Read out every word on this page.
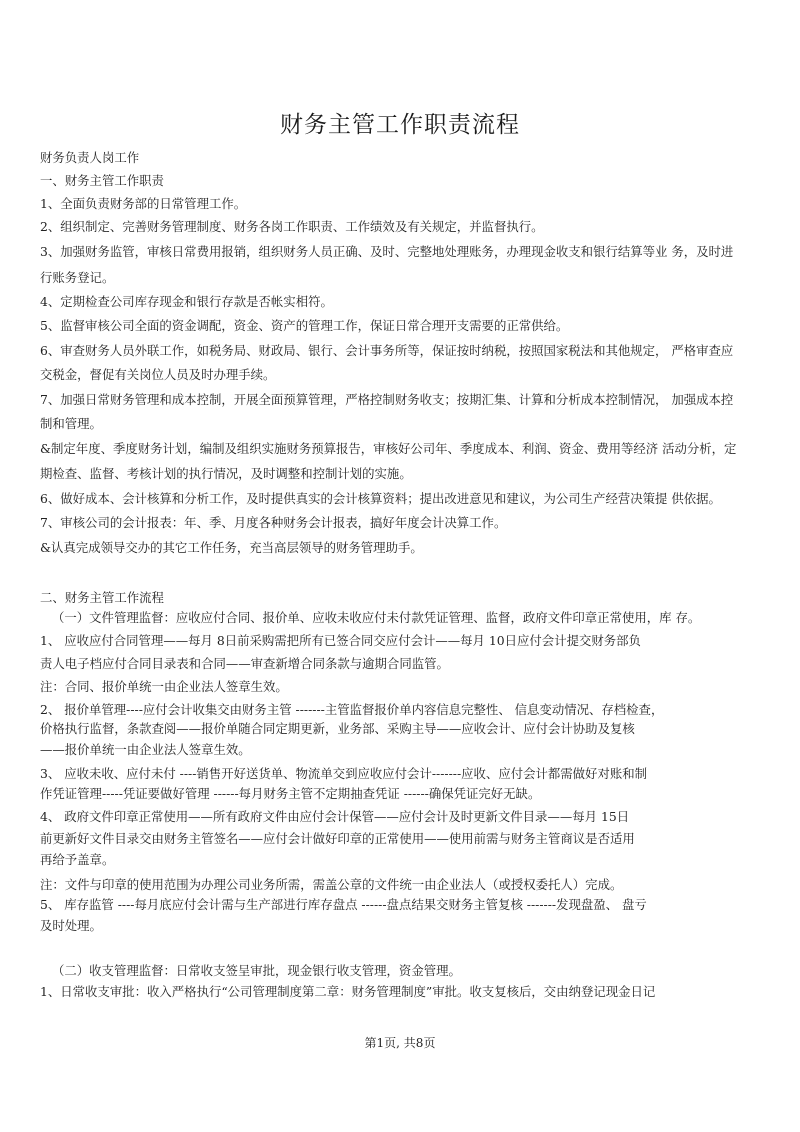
财务主管工作职责流程
财务负责人岗工作
一、财务主管工作职责
1、全面负责财务部的日常管理工作。
2、组织制定、完善财务管理制度、财务各岗工作职责、工作绩效及有关规定，并监督执行。
3、加强财务监管，审核日常费用报销，组织财务人员正确、及时、完整地处理账务，办理现金收支和银行结算等业 务，及时进
行账务登记。
4、定期检查公司库存现金和银行存款是否帐实相符。
5、监督审核公司全面的资金调配，资金、资产的管理工作，保证日常合理开支需要的正常供给。
6、审查财务人员外联工作，如税务局、财政局、银行、会计事务所等，保证按时纳税，按照国家税法和其他规定， 严格审查应
交税金，督促有关岗位人员及时办理手续。
7、加强日常财务管理和成本控制，开展全面预算管理，严格控制财务收支；按期汇集、计算和分析成本控制情况， 加强成本控
制和管理。
&制定年度、季度财务计划，编制及组织实施财务预算报告，审核好公司年、季度成本、利润、资金、费用等经济 活动分析，定
期检查、监督、考核计划的执行情况，及时调整和控制计划的实施。
6、做好成本、会计核算和分析工作，及时提供真实的会计核算资料；提出改进意见和建议，为公司生产经营决策提 供依据。
7、审核公司的会计报表：年、季、月度各种财务会计报表，搞好年度会计决算工作。
&认真完成领导交办的其它工作任务，充当高层领导的财务管理助手。
二、财务主管工作流程
（一）文件管理监督：应收应付合同、报价单、应收未收应付未付款凭证管理、监督，政府文件印章正常使用，库 存。
1、 应收应付合同管理——每月 8日前采购需把所有已签合同交应付会计——每月 10日应付会计提交财务部负
责人电子档应付合同目录表和合同——审查新增合同条款与逾期合同监管。
注：合同、报价单统一由企业法人签章生效。
2、 报价单管理----应付会计收集交由财务主管 -------主管监督报价单内容信息完整性、 信息变动情况、存档检查，
价格执行监督，条款查阅——报价单随合同定期更新，业务部、采购主导——应收会计、应付会计协助及复核
——报价单统一由企业法人签章生效。
3、 应收未收、应付未付 ----销售开好送货单、物流单交到应收应付会计-------应收、应付会计都需做好对账和制
作凭证管理-----凭证要做好管理 ------每月财务主管不定期抽查凭证 ------确保凭证完好无缺。
4、 政府文件印章正常使用——所有政府文件由应付会计保管——应付会计及时更新文件目录——每月 15日
前更新好文件目录交由财务主管签名——应付会计做好印章的正常使用——使用前需与财务主管商议是否适用
再给予盖章。
注：文件与印章的使用范围为办理公司业务所需，需盖公章的文件统一由企业法人（或授权委托人）完成。
5、 库存监管 ----每月底应付会计需与生产部进行库存盘点 ------盘点结果交财务主管复核 -------发现盘盈、 盘亏
及时处理。
（二）收支管理监督：日常收支签呈审批，现金银行收支管理，资金管理。
1、日常收支审批：收入严格执行“公司管理制度第二章：财务管理制度”审批。收支复核后，交由纳登记现金日记
第1页, 共8页
